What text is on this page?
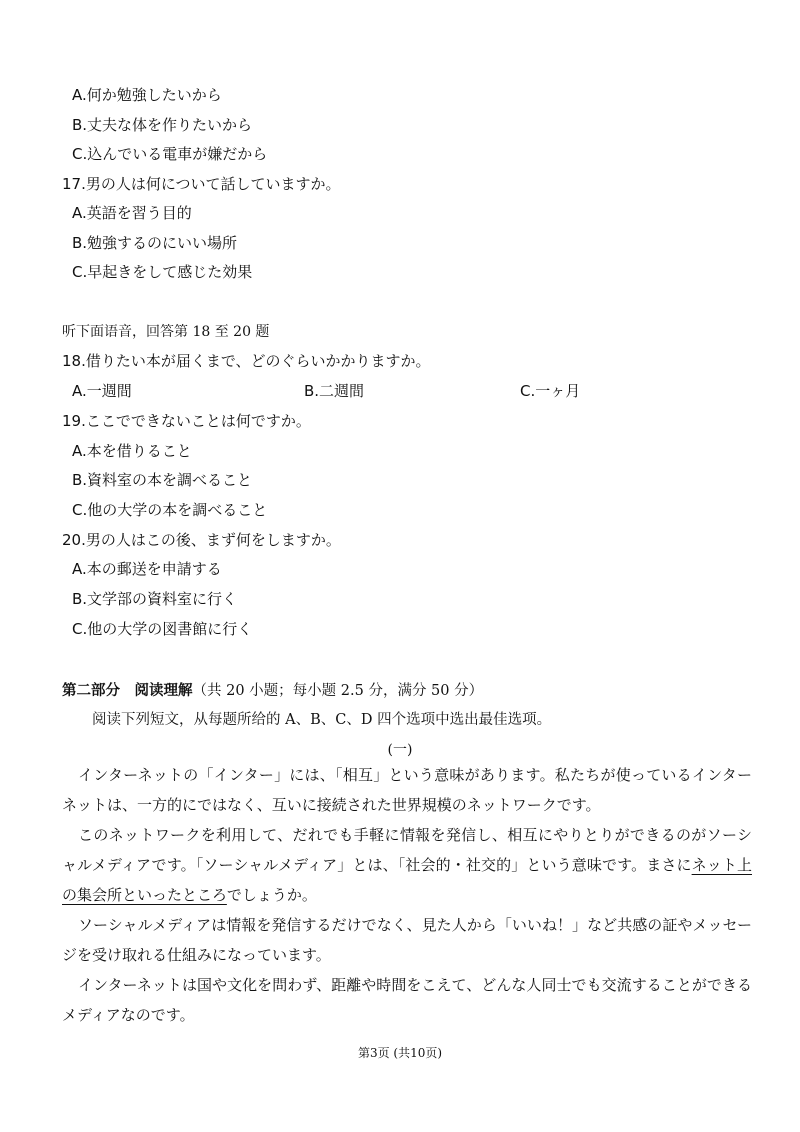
A.何か勉強したいから
B.丈夫な体を作りたいから
C.込んでいる電車が嫌だから
17.男の人は何について話していますか。
A.英語を習う目的
B.勉強するのにいい場所
C.早起きをして感じた効果
听下面语音，回答第 18 至 20 题
18.借りたい本が届くまで、どのぐらいかかりますか。
A.一週間	B.二週間	C.一ヶ月
19.ここでできないことは何ですか。
A.本を借りること
B.資料室の本を調べること
C.他の大学の本を調べること
20.男の人はこの後、まず何をしますか。
A.本の郵送を申請する
B.文学部の資料室に行く
C.他の大学の図書館に行く
第二部分　阅读理解（共 20 小题；每小题 2.5 分，满分 50 分）
阅读下列短文，从每题所给的 A、B、C、D 四个选项中选出最佳选项。
(一)
インターネットの「インター」には、「相互」という意味があります。私たちが使っているインターネットは、一方的にではなく、互いに接続された世界規模のネットワークです。
このネットワークを利用して、だれでも手軽に情報を発信し、相互にやりとりができるのがソーシャルメディアです。「ソーシャルメディア」とは、「社会的・社交的」という意味です。まさにネット上の集会所といったところでしょうか。
ソーシャルメディアは情報を発信するだけでなく、見た人から「いいね！」など共感の証やメッセージを受け取れる仕組みになっています。
インターネットは国や文化を問わず、距離や時間をこえて、どんな人同士でも交流することができるメディアなのです。
第3页 (共10页)
